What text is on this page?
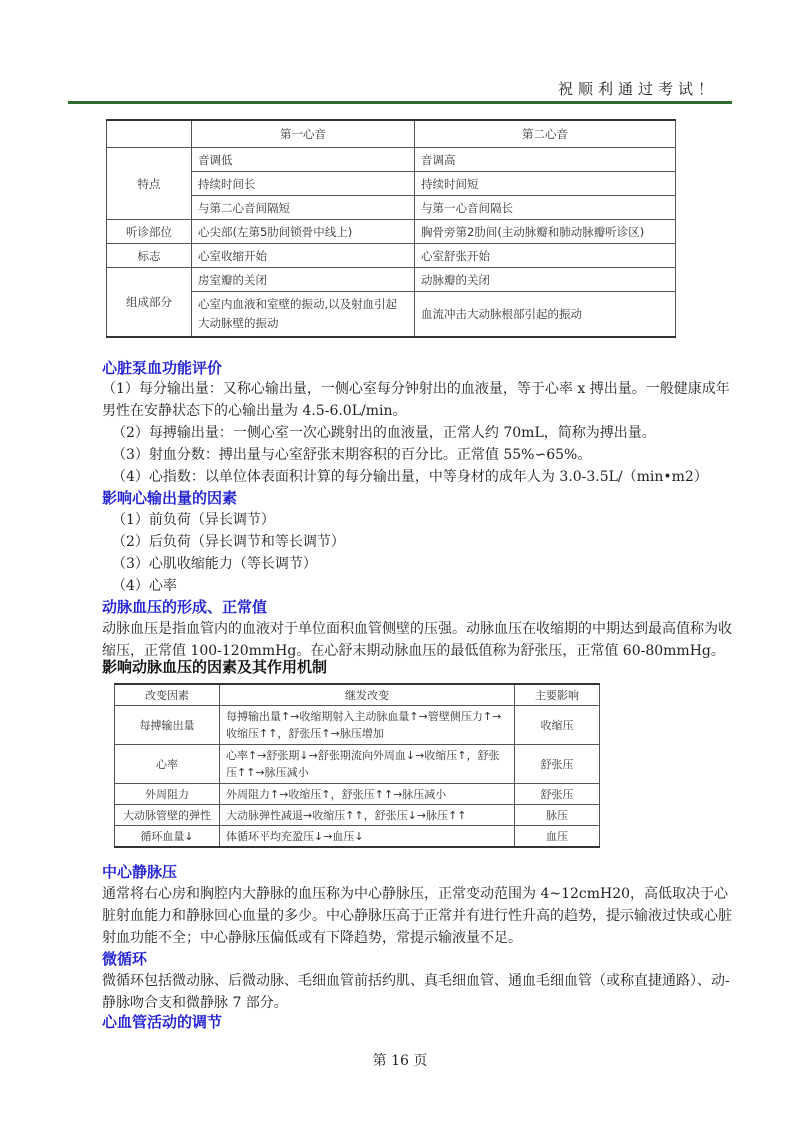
祝顺利通过考试！
	第一心音	第二心音
特点	音调低	音调高
	持续时间长	持续时间短
	与第二心音间隔短	与第一心音间隔长
听诊部位	心尖部(左第5肋间锁骨中线上)	胸骨旁第2肋间(主动脉瓣和肺动脉瓣听诊区)
标志	心室收缩开始	心室舒张开始
组成部分	房室瓣的关闭	动脉瓣的关闭
	心室内血液和室壁的振动,以及射血引起大动脉壁的振动	血流冲击大动脉根部引起的振动
心脏泵血功能评价
（1）每分输出量：又称心输出量，一侧心室每分钟射出的血液量，等于心率 x 搏出量。一般健康成年男性在安静状态下的心输出量为 4.5-6.0L/min。
（2）每搏输出量：一侧心室一次心跳射出的血液量，正常人约 70mL，简称为搏出量。
（3）射血分数：搏出量与心室舒张末期容积的百分比。正常值 55%∽65%。
（4）心指数：以单位体表面积计算的每分输出量，中等身材的成年人为 3.0-3.5L/（min•m2）
影响心输出量的因素
（1）前负荷（异长调节）
（2）后负荷（异长调节和等长调节）
（3）心肌收缩能力（等长调节）
（4）心率
动脉血压的形成、正常值
动脉血压是指血管内的血液对于单位面积血管侧壁的压强。动脉血压在收缩期的中期达到最高值称为收缩压，正常值 100-120mmHg。在心舒末期动脉血压的最低值称为舒张压，正常值 60-80mmHg。
影响动脉血压的因素及其作用机制
改变因素	继发改变	主要影响
每搏输出量	每搏输出量↑→收缩期射入主动脉血量↑→管壁侧压力↑→收缩压↑↑，舒张压↑→脉压增加	收缩压
心率	心率↑→舒张期↓→舒张期流向外周血↓→收缩压↑，舒张压↑↑→脉压减小	舒张压
外周阻力	外周阻力↑→收缩压↑，舒张压↑↑→脉压减小	舒张压
大动脉管壁的弹性	大动脉弹性减退→收缩压↑↑，舒张压↓→脉压↑↑	脉压
循环血量↓	体循环平均充盈压↓→血压↓	血压
中心静脉压
通常将右心房和胸腔内大静脉的血压称为中心静脉压，正常变动范围为 4~12cmH20，高低取决于心脏射血能力和静脉回心血量的多少。中心静脉压高于正常并有进行性升高的趋势，提示输液过快或心脏射血功能不全；中心静脉压偏低或有下降趋势，常提示输液量不足。
微循环
微循环包括微动脉、后微动脉、毛细血管前括约肌、真毛细血管、通血毛细血管（或称直捷通路）、动-静脉吻合支和微静脉 7 部分。
心血管活动的调节
第 16 页
